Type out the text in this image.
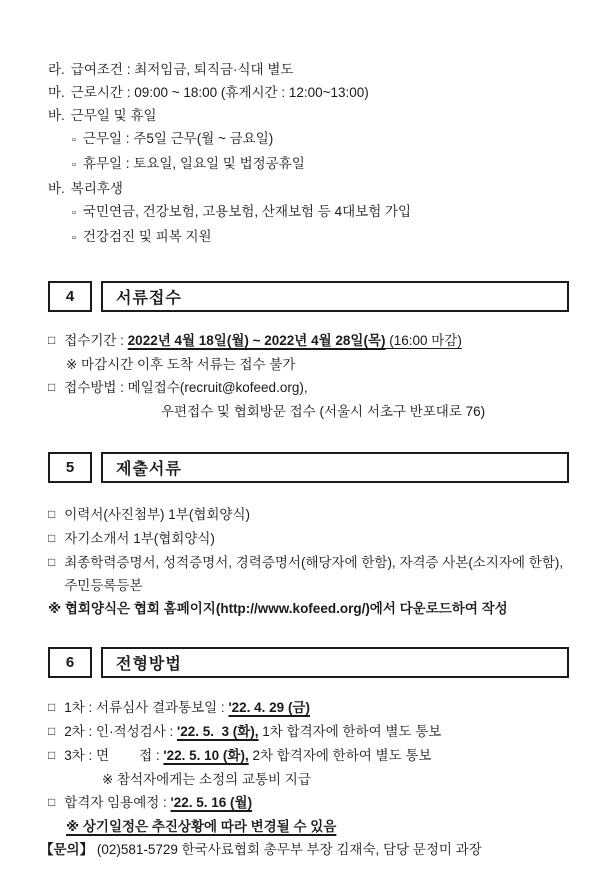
라. 급여조건 : 최저임금, 퇴직금·식대 별도
마. 근로시간 : 09:00 ~ 18:00 (휴게시간 : 12:00~13:00)
바. 근무일 및 휴일
▫ 근무일 : 주5일 근무(월 ~ 금요일)
▫ 휴무일 : 토요일, 일요일 및 법정공휴일
바. 복리후생
▫ 국민연금, 건강보험, 고용보험, 산재보험 등 4대보험 가입
▫ 건강검진 및 피복 지원
4	서류접수
□ 접수기간 : 2022년 4월 18일(월) ~ 2022년 4월 28일(목) (16:00 마감)
※ 마감시간 이후 도착 서류는 접수 불가
□ 접수방법 : 메일접수(recruit@kofeed.org),
우편접수 및 협회방문 접수 (서울시 서초구 반포대로 76)
5	제출서류
□ 이력서(사진첨부) 1부(협회양식)
□ 자기소개서 1부(협회양식)
□ 최종학력증명서, 성적증명서, 경력증명서(해당자에 한함), 자격증 사본(소지자에 한함), 주민등록등본
※ 협회양식은 협회 홈페이지(http://www.kofeed.org/)에서 다운로드하여 작성
6	전형방법
□ 1차 : 서류심사 결과통보일 : '22. 4. 29 (금)
□ 2차 : 인·적성검사 : '22. 5.  3 (화), 1차 합격자에 한하여 별도 통보
□ 3차 : 면        접 : '22. 5. 10 (화), 2차 합격자에 한하여 별도 통보
※ 참석자에게는 소정의 교통비 지급
□ 합격자 임용예정 : '22. 5. 16 (월)
※ 상기일정은 추진상황에 따라 변경될 수 있음
【문의】 (02)581-5729 한국사료협회 총무부 부장 김재숙, 담당 문정미 과장
